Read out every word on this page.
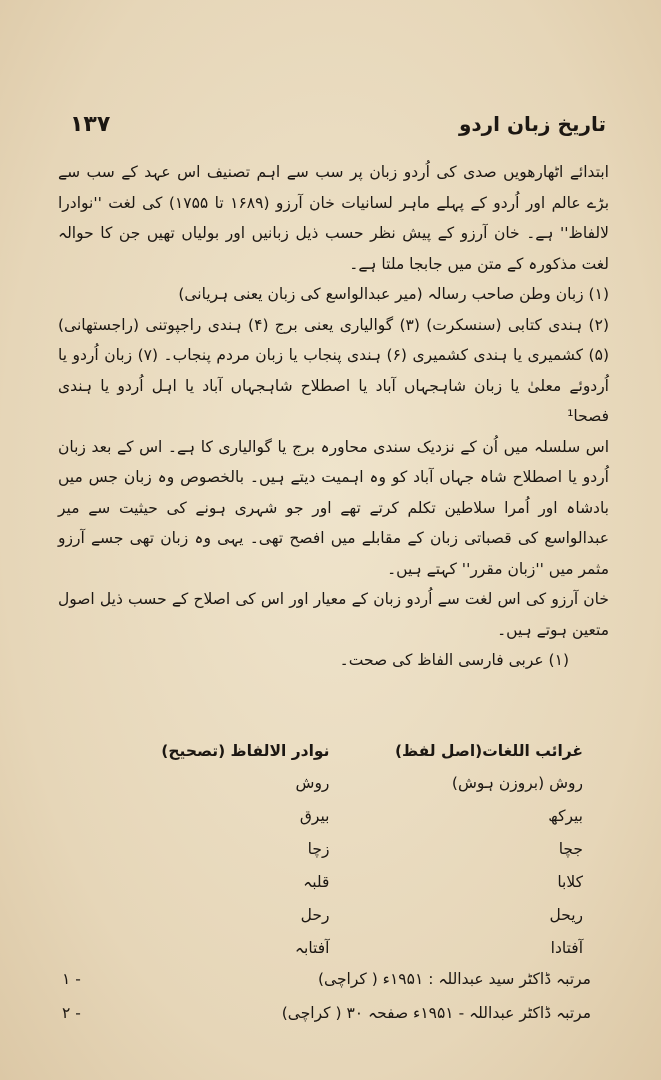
۱۳۷	تاریخ زبان اردو

ابتدائے اٹھارھویں صدی کی اُردو زبان پر سب سے اہم تصنیف اس عہد کے سب سے بڑے عالم اور اُردو کے پہلے ماہر لسانیات خان آرزو (۱۶۸۹ تا ۱۷۵۵) کی لغت ''نوادرا لالفاظ'' ہے۔ خان آرزو کے پیش نظر حسب ذیل زبانیں اور بولیاں تھیں جن کا حوالہ لغت مذکورہ کے متن میں جابجا ملتا ہے۔

(۱) زبان وطن صاحب رسالہ (میر عبدالواسع کی زبان یعنی ہریانی)

(۲) ہندی کتابی (سنسکرت) (۳) گوالیاری یعنی برج (۴) ہندی راجپوتنی (راجستھانی) (۵) کشمیری یا ہندی کشمیری (۶) ہندی پنجاب یا زبان مردم پنجاب۔ (۷) زبان اُردو یا اُردوئے معلیٰ یا زبان شاہجہاں آباد یا اصطلاح شاہجہاں آباد یا اہل اُردو یا ہندی فصحا¹

اس سلسلہ میں اُن کے نزدیک سندی محاورہ برج یا گوالیاری کا ہے۔ اس کے بعد زبان اُردو یا اصطلاح شاہ جہاں آباد کو وہ اہمیت دیتے ہیں۔ بالخصوص وہ زبان جس میں بادشاہ اور اُمرا سلاطین تکلم کرتے تھے اور جو شہری ہونے کی حیثیت سے میر عبدالواسع کی قصباتی زبان کے مقابلے میں افصح تھی۔ یہی وہ زبان تھی جسے آرزو مثمر میں ''زبان مقرر'' کہتے ہیں۔

خان آرزو کی اس لغت سے اُردو زبان کے معیار اور اس کی اصلاح کے حسب ذیل اصول متعین ہوتے ہیں۔

(۱) عربی فارسی الفاظ کی صحت۔

غرائب اللغات(اصل لفظ)
نوادر الالفاظ (تصحیح)
روش (بروزن ہوش)
روش
بیرکھ
بیرق
جچا
زچا
کلابا
قلبہ
ریحل
رحل
آفتادا
آفتابہ
مرتبہ ڈاکٹر سید عبداللہ : ۱۹۵۱ء ( کراچی)
۱ -
مرتبہ ڈاکٹر عبداللہ - ۱۹۵۱ء صفحہ ۳۰ ( کراچی)
۲ -
